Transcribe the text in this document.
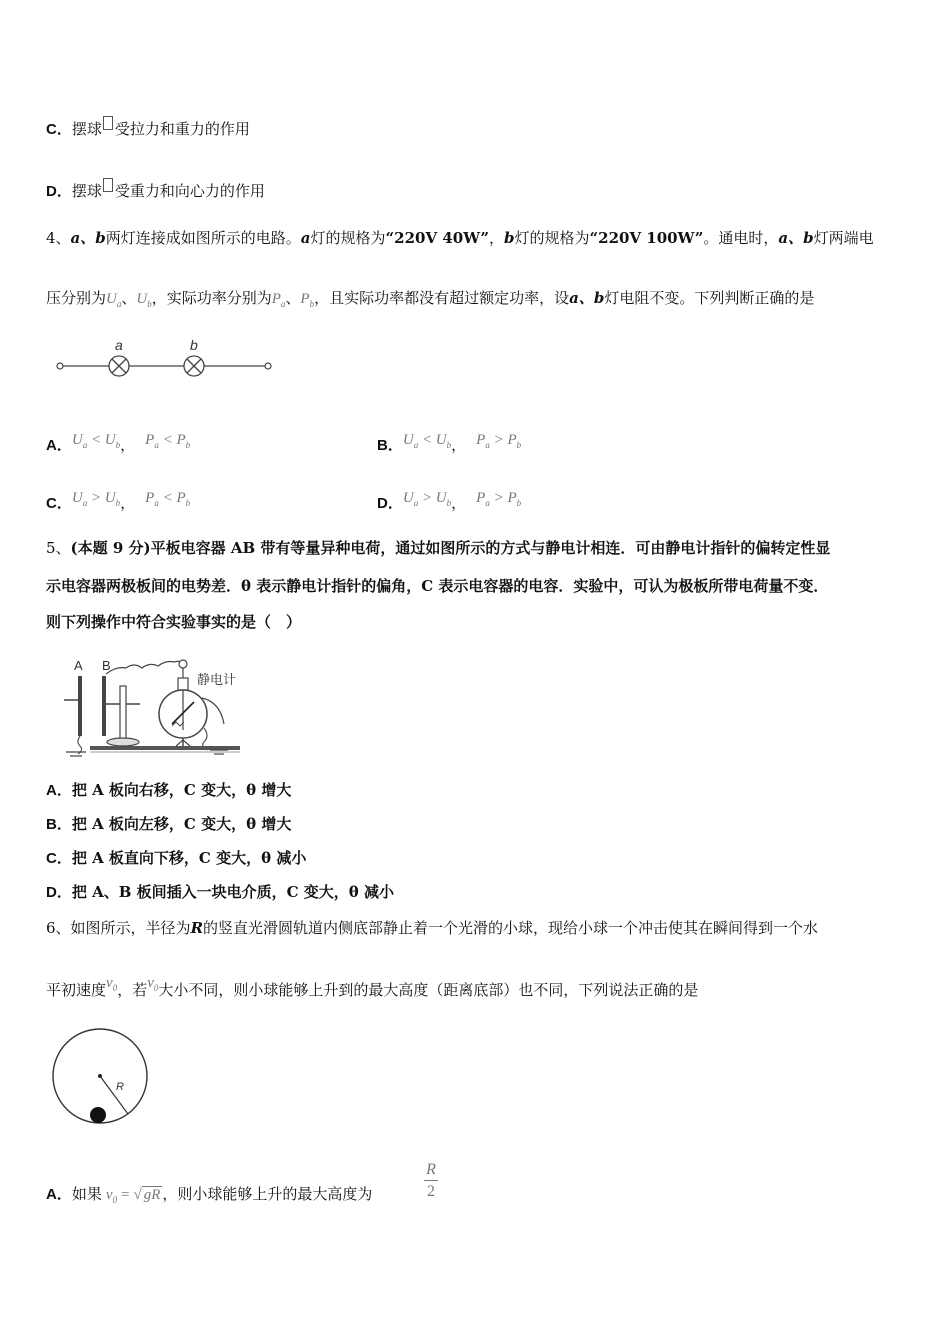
C．摆球 受拉力和重力的作用
D．摆球 受重力和向心力的作用
4、a、b两灯连接成如图所示的电路。a灯的规格为“220V 40W”，b灯的规格为“220V 100W”。通电时，a、b灯两端电
压分别为$U_a$、$U_b$，实际功率分别为$P_a$、$P_b$，且实际功率都没有超过额定功率，设a、b灯电阻不变。下列判断正确的是
a	b
A．$U_a < U_b$， $P_a < P_b$	B．$U_a < U_b$， $P_a > P_b$
C．$U_a > U_b$， $P_a < P_b$	D．$U_a > U_b$， $P_a > P_b$
5、(本题 9 分)平板电容器 AB 带有等量异种电荷，通过如图所示的方式与静电计相连．可由静电计指针的偏转定性显
示电容器两极板间的电势差．θ 表示静电计指针的偏角，C 表示电容器的电容．实验中，可认为极板所带电荷量不变．
则下列操作中符合实验事实的是（　）
A B
静电计
A．把 A 板向右移，C 变大，θ 增大
B．把 A 板向左移，C 变大，θ 增大
C．把 A 板直向下移，C 变大，θ 减小
D．把 A、B 板间插入一块电介质，C 变大，θ 减小
6、如图所示，半径为R的竖直光滑圆轨道内侧底部静止着一个光滑的小球，现给小球一个冲击使其在瞬间得到一个水
平初速度$v_0$，若$v_0$大小不同，则小球能够上升到的最大高度（距离底部）也不同，下列说法正确的是
R
A．如果 $v_0$ = √ gR ，则小球能够上升的最大高度为
R
2
